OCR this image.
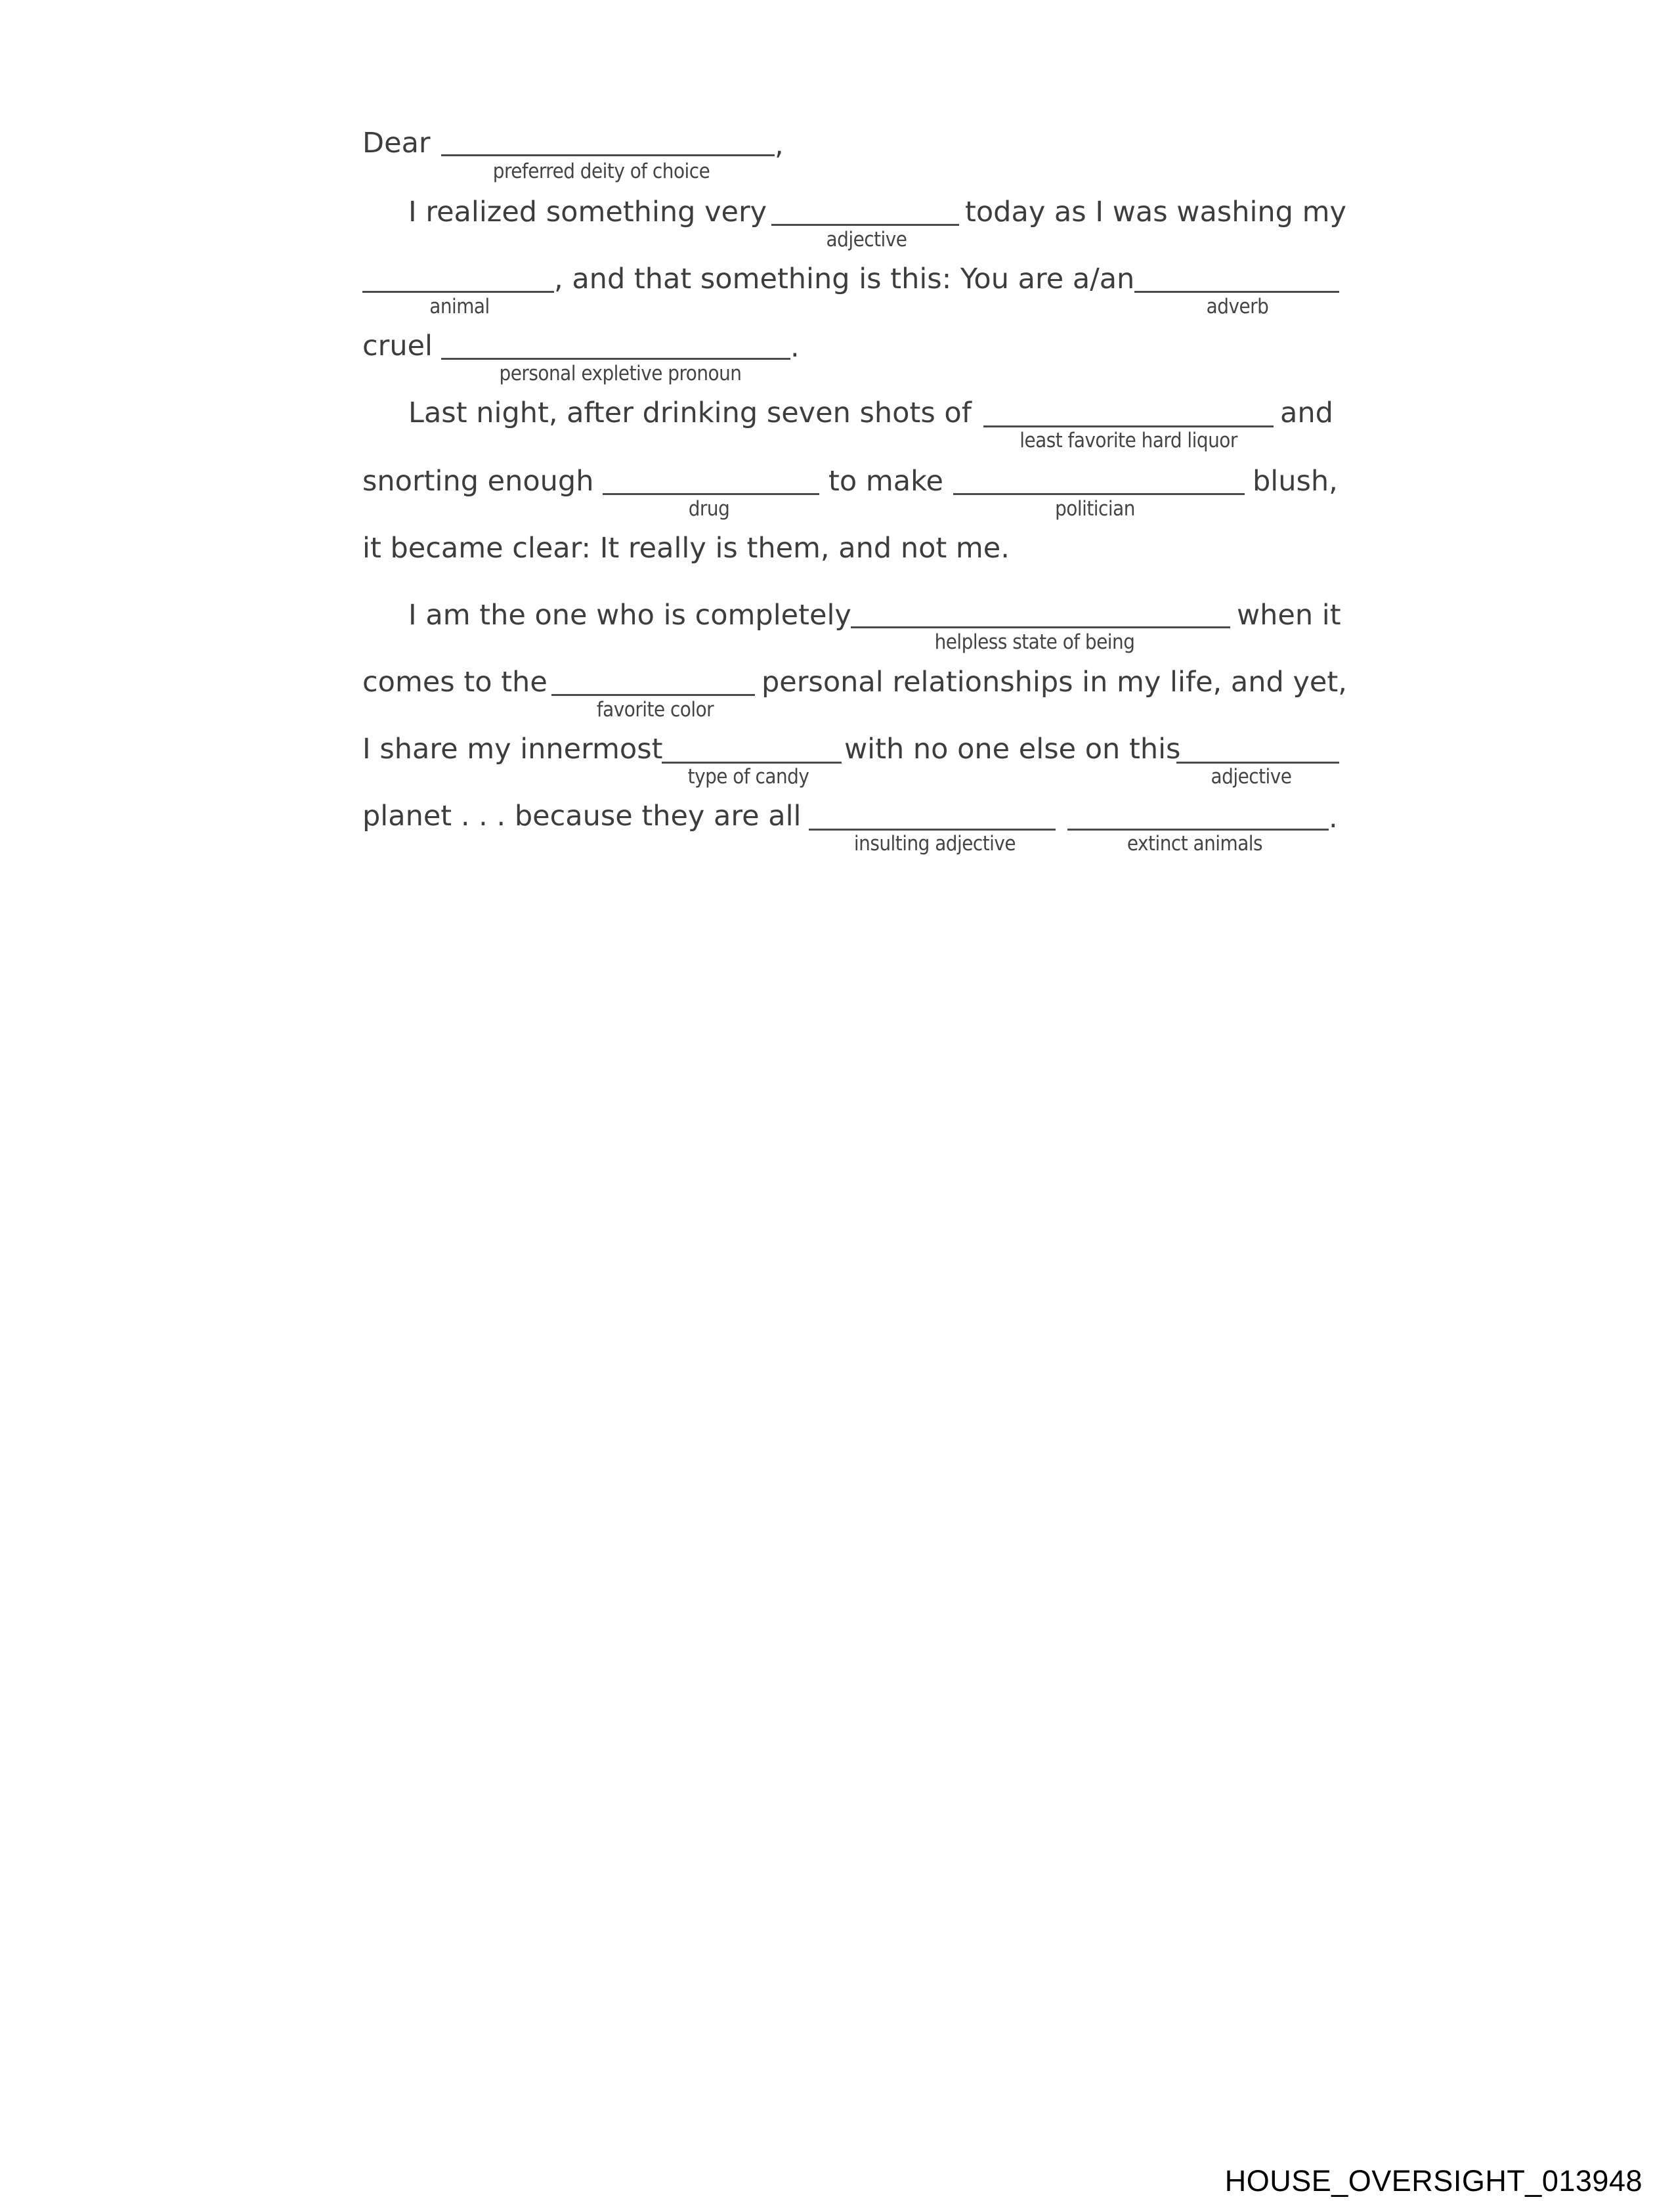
Dear	,
preferred deity of choice
I realized something very
adjective
today as I was washing my
animal
, and that something is this: You are a/an
adverb
cruel	.
personal expletive pronoun
Last night, after drinking seven shots of
least favorite hard liquor
and
snorting enough
drug
to make
politician
blush,
it became clear: It really is them, and not me.
I am the one who is completely
helpless state of being
when it
comes to the
favorite color
personal relationships in my life, and yet,
I share my innermost
type of candy
with no one else on this
adjective
planet . . . because they are all
insulting adjective	extinct animals
.
HOUSE_OVERSIGHT_013948
